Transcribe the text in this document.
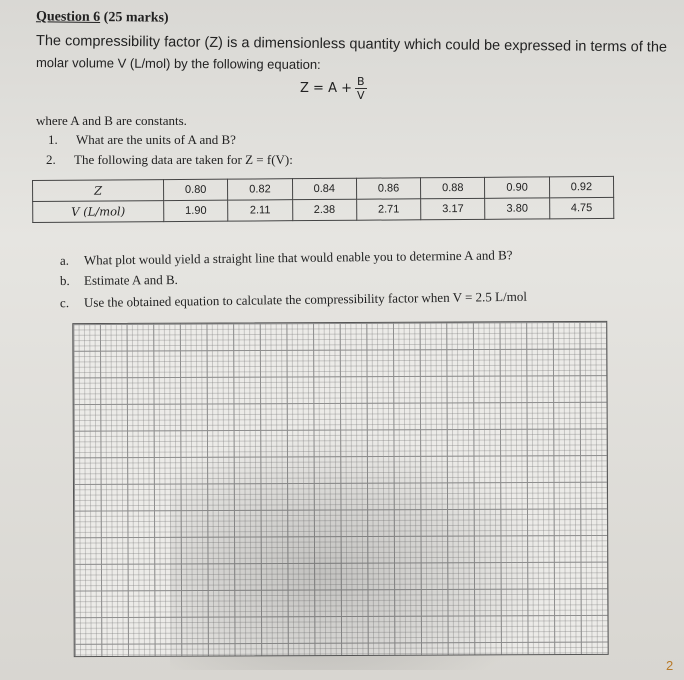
Question 6 (25 marks)
The compressibility factor (Z) is a dimensionless quantity which could be expressed in terms of the
molar volume V (L/mol) by the following equation:
$Z = A + \frac{B}{V}$
where A and B are constants.
1. What are the units of A and B?
2. The following data are taken for Z = f(V):
Z	0.80	0.82	0.84	0.86	0.88	0.90	0.92
V (L/mol)	1.90	2.11	2.38	2.71	3.17	3.80	4.75
a. What plot would yield a straight line that would enable you to determine A and B?
b. Estimate A and B.
c. Use the obtained equation to calculate the compressibility factor when V = 2.5 L/mol
2
